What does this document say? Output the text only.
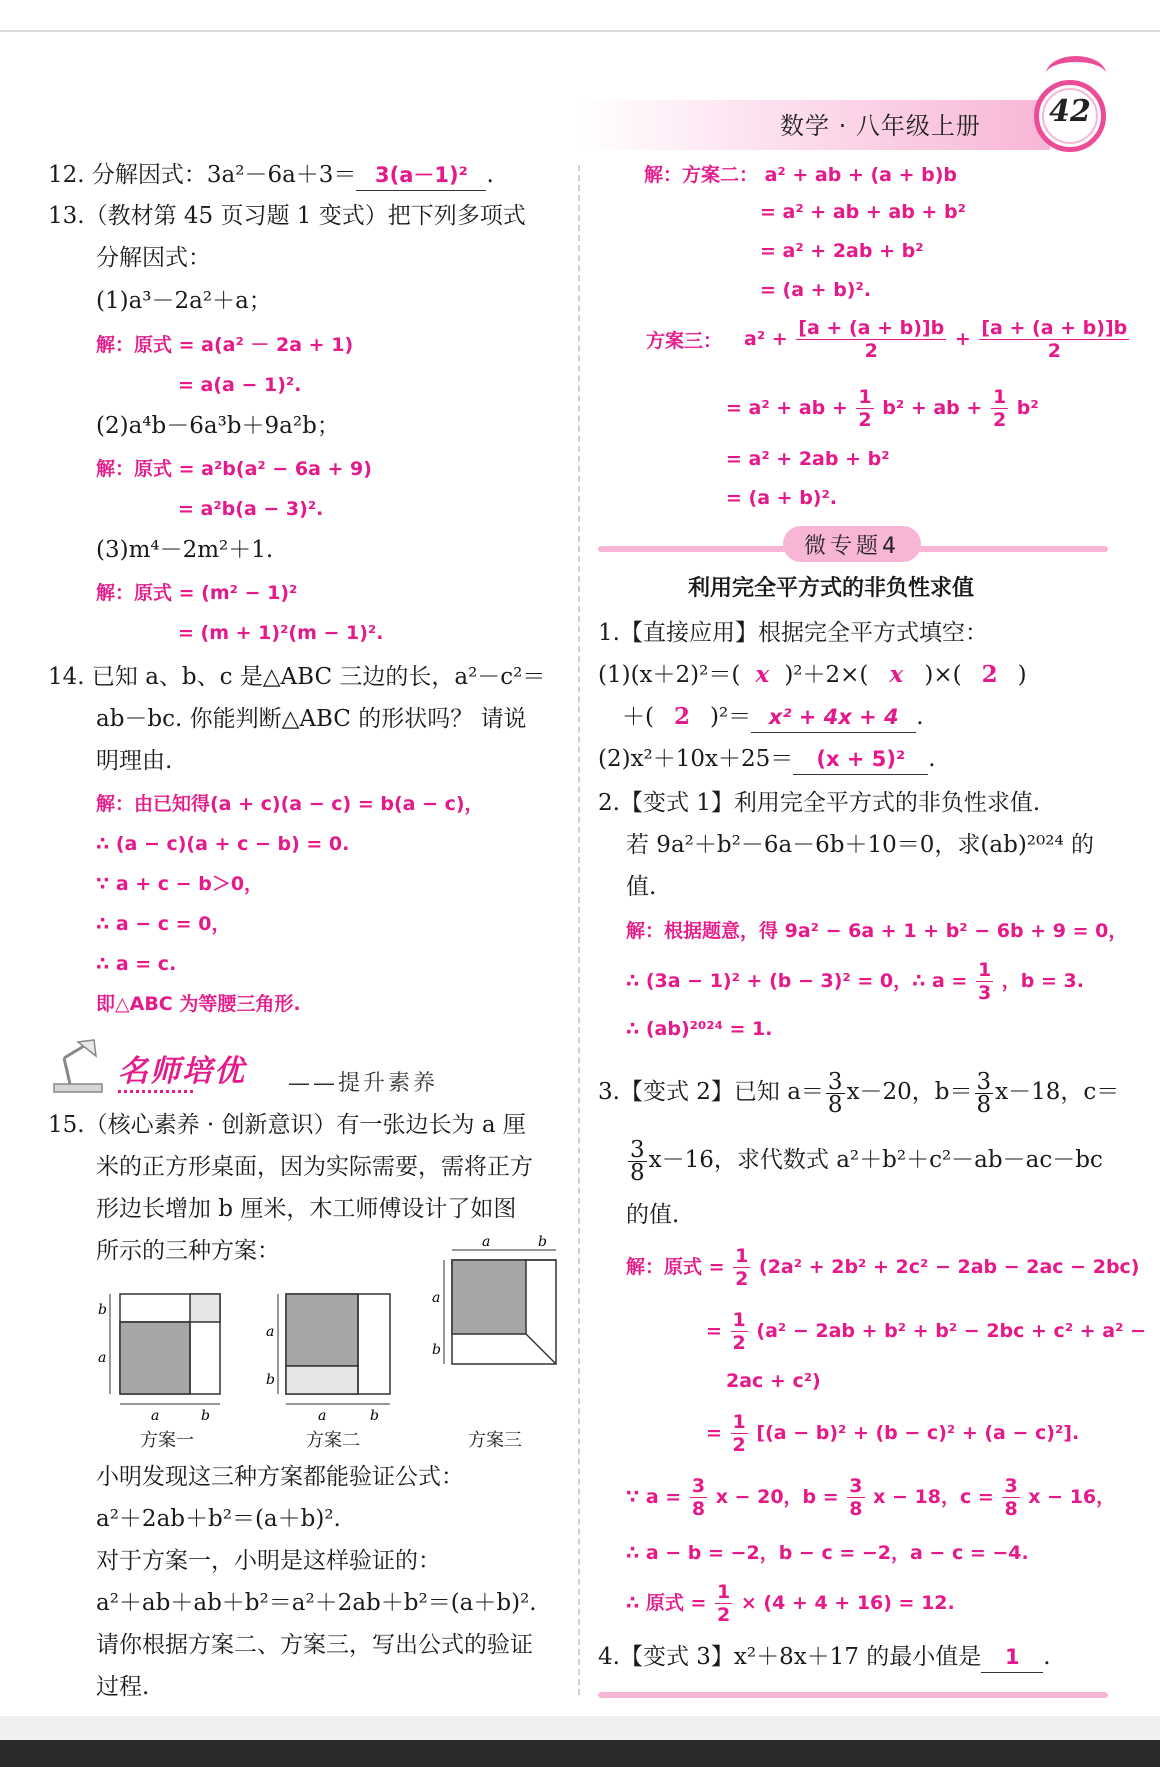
数学 · 八年级上册 42
12. 分解因式：3a²－6a＋3＝ 3(a－1)² .
13.（教材第 45 页习题 1 变式）把下列多项式
分解因式：
(1)a³－2a²＋a；
解：原式 = a(a² － 2a + 1)
= a(a − 1)².
(2)a⁴b－6a³b＋9a²b；
解：原式 = a²b(a² − 6a + 9)
= a²b(a − 3)².
(3)m⁴－2m²＋1.
解：原式 = (m² − 1)²
= (m + 1)²(m − 1)².
14. 已知 a、b、c 是△ABC 三边的长，a²－c²＝
ab－bc. 你能判断△ABC 的形状吗？ 请说
明理由.
解：由已知得(a + c)(a − c) = b(a − c)，
∴ (a − c)(a + c − b) = 0.
∵ a + c − b＞0，
∴ a − c = 0，
∴ a = c.
即△ABC 为等腰三角形.
名师培优 ——提升素养
15.（核心素养 · 创新意识）有一张边长为 a 厘
米的正方形桌面，因为实际需要，需将正方
形边长增加 b 厘米，木工师傅设计了如图
所示的三种方案：
b
a
a	b
方案一
a
b
a	b
方案二
a	b
a
b
方案三
小明发现这三种方案都能验证公式：
a²＋2ab＋b²＝(a＋b)².
对于方案一，小明是这样验证的：
a²＋ab＋ab＋b²＝a²＋2ab＋b²＝(a＋b)².
请你根据方案二、方案三，写出公式的验证
过程.
解：方案二： a² + ab + (a + b)b
= a² + ab + ab + b²
= a² + 2ab + b²
= (a + b)².
方案三： $a^2 + \frac{[a + (a + b)]b}{2} + \frac{[a + (a + b)]b}{2}$
= a² + ab + $\frac{1}{2} b^2$ + ab + $\frac{1}{2} b^2$
= a² + 2ab + b²
= (a + b)².
微专题4
利用完全平方式的非负性求值
1.【直接应用】根据完全平方式填空：
(1)(x＋2)²＝( x )²＋2×( x )×( 2 )
＋( 2 )²＝ x² + 4x + 4 .
(2)x²＋10x＋25＝ (x + 5)² .
2.【变式 1】利用完全平方式的非负性求值.
若 9a²＋b²－6a－6b＋10＝0，求(ab)²⁰²⁴ 的
值.
解：根据题意，得 9a² − 6a + 1 + b² − 6b + 9 = 0，
∴ (3a − 1)² + (b − 3)² = 0，∴ $a = \frac{1}{3}$ ，b = 3.
∴ (ab)²⁰²⁴ = 1.
3.【变式 2】已知 $a= \frac{3}{8} x-20$，$b= \frac{3}{8} x-18$，c＝
$\frac{3}{8} x-16$，求代数式 a²＋b²＋c²－ab－ac－bc
的值.
解：原式 = $\frac{1}{2} (2a^2 + 2b^2 + 2c^2 - 2ab - 2ac - 2bc)$
= $\frac{1}{2} (a^2 - 2ab + b^2 + b^2 - 2bc + c^2 + a^2$ −
2ac + c²)
= $\frac{1}{2} [(a - b)^2 + (b - c)^2 + (a - c)^2]$.
∵ $a = \frac{3}{8}$ x − 20，$b = \frac{3}{8}$ x − 18，$c = \frac{3}{8}$ x − 16，
∴ a − b = −2，b − c = −2，a − c = −4.
∴ 原式 = $\frac{1}{2} \times (4 + 4 + 16) = 12$.
4.【变式 3】x²＋8x＋17 的最小值是 1 .
